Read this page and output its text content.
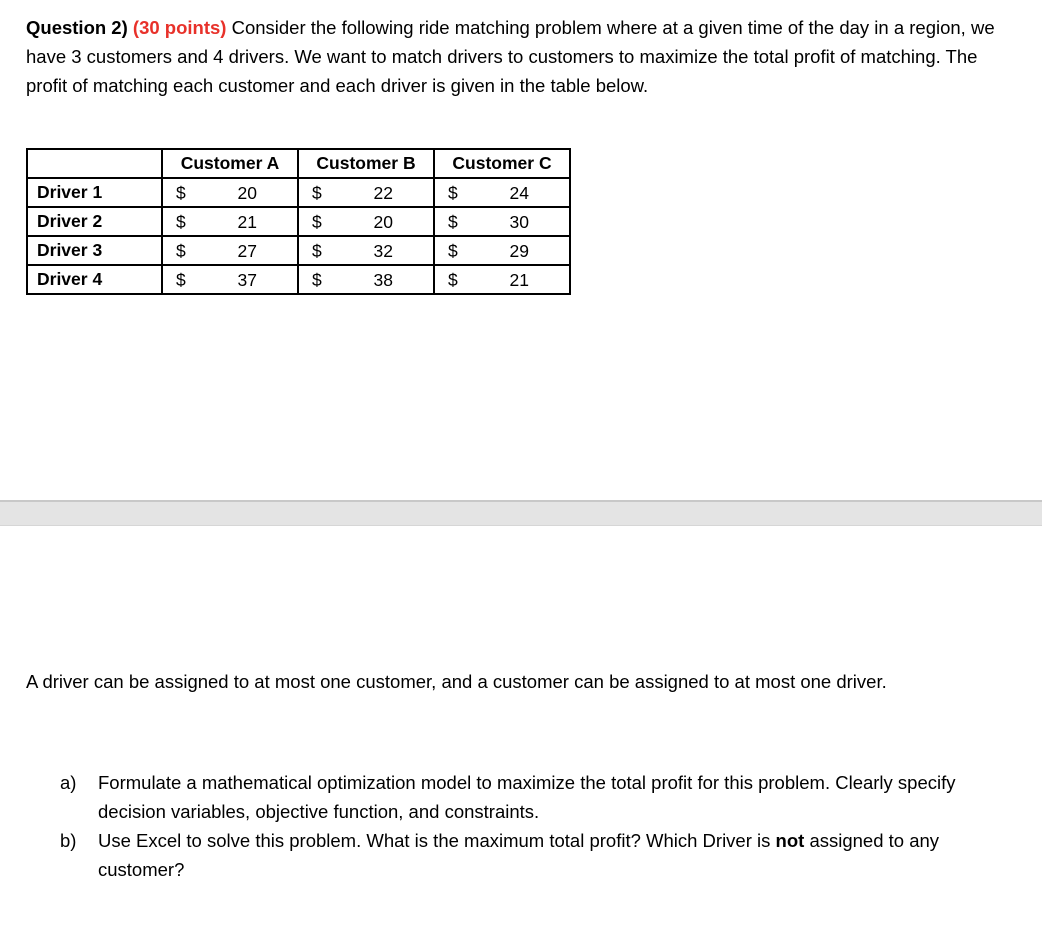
Question 2) (30 points) Consider the following ride matching problem where at a given time of the day in a region, we have 3 customers and 4 drivers. We want to match drivers to customers to maximize the total profit of matching. The profit of matching each customer and each driver is given in the table below.

	Customer A	Customer B	Customer C
Driver 1	$ 20	$ 22	$ 24

Driver 2	$ 21	$ 20	$ 30

Driver 3	$ 27	$ 32	$ 29

Driver 4	$ 37	$ 38	$ 21

A driver can be assigned to at most one customer, and a customer can be assigned to at most one driver.

a)	Formulate a mathematical optimization model to maximize the total profit for this problem. Clearly specify decision variables, objective function, and constraints.
b)	Use Excel to solve this problem. What is the maximum total profit? Which Driver is not assigned to any customer?
